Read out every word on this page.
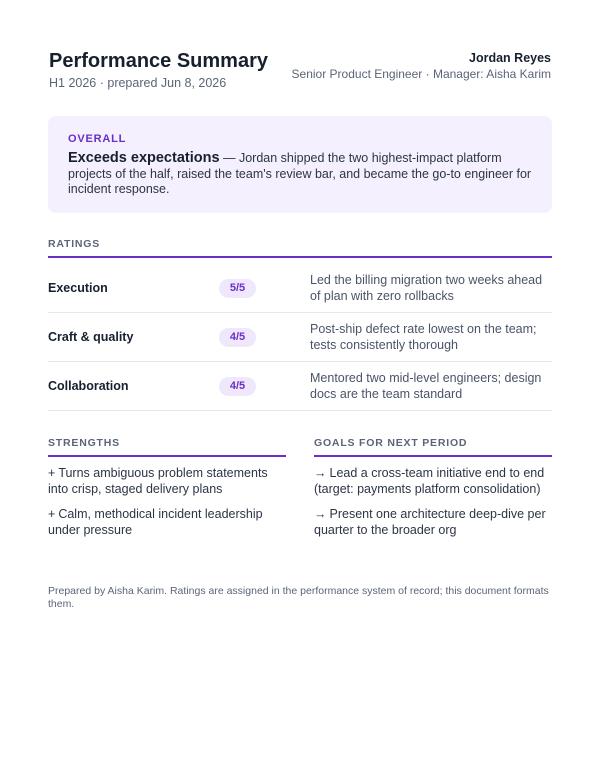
Performance Summary
H1 2026 · prepared Jun 8, 2026
Jordan Reyes
Senior Product Engineer · Manager: Aisha Karim
OVERALL
Exceeds expectations — Jordan shipped the two highest-impact platform projects of the half, raised the team's review bar, and became the go-to engineer for incident response.
RATINGS
Execution	5/5
Led the billing migration two weeks ahead of plan with zero rollbacks
Craft & quality	4/5
Post-ship defect rate lowest on the team; tests consistently thorough
Collaboration	4/5
Mentored two mid-level engineers; design docs are the team standard
STRENGTHS
+ Turns ambiguous problem statements into crisp, staged delivery plans
+ Calm, methodical incident leadership under pressure
GOALS FOR NEXT PERIOD
→ Lead a cross-team initiative end to end (target: payments platform consolidation)
→ Present one architecture deep-dive per quarter to the broader org
Prepared by Aisha Karim. Ratings are assigned in the performance system of record; this document formats them.
